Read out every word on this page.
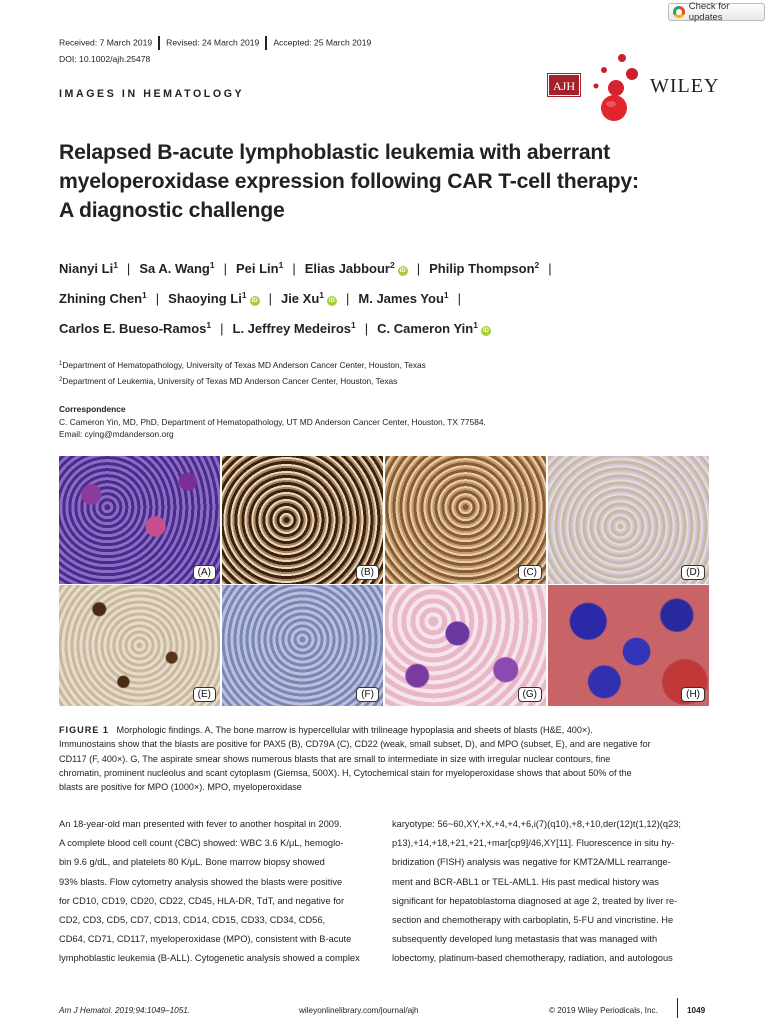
Check for updates
Received: 7 March 2019 Revised: 24 March 2019 Accepted: 25 March 2019
DOI: 10.1002/ajh.25478
IMAGES IN HEMATOLOGY
AJH	WILEY
Relapsed B-acute lymphoblastic leukemia with aberrant
myeloperoxidase expression following CAR T-cell therapy:
A diagnostic challenge
Nianyi Li$^1$ | Sa A. Wang$^1$ | Pei Lin$^1$ | Elias Jabbour$^2$iD | Philip Thompson$^2$ |
Zhining Chen$^1$ | Shaoying Li$^1$iD | Jie Xu$^1$iD | M. James You$^1$ |
Carlos E. Bueso-Ramos$^1$ | L. Jeffrey Medeiros$^1$ | C. Cameron Yin$^1$iD
$^1$Department of Hematopathology, University of Texas MD Anderson Cancer Center, Houston, Texas
$^2$Department of Leukemia, University of Texas MD Anderson Cancer Center, Houston, Texas
Correspondence
C. Cameron Yin, MD, PhD, Department of Hematopathology, UT MD Anderson Cancer Center, Houston, TX 77584.
Email: cying@mdanderson.org
(A)	(B)	(C)	(D)
(E)	(F)	(G)	(H)
FIGURE 1 Morphologic findings. A, The bone marrow is hypercellular with trilineage hypoplasia and sheets of blasts (H&E, 400×).
Immunostains show that the blasts are positive for PAX5 (B), CD79A (C), CD22 (weak, small subset, D), and MPO (subset, E), and are negative for
CD117 (F, 400×). G, The aspirate smear shows numerous blasts that are small to intermediate in size with irregular nuclear contours, fine
chromatin, prominent nucleolus and scant cytoplasm (Giemsa, 500X). H, Cytochemical stain for myeloperoxidase shows that about 50% of the
blasts are positive for MPO (1000×). MPO, myeloperoxidase
An 18-year-old man presented with fever to another hospital in 2009.
A complete blood cell count (CBC) showed: WBC 3.6 K/μL, hemoglo-
bin 9.6 g/dL, and platelets 80 K/μL. Bone marrow biopsy showed
93% blasts. Flow cytometry analysis showed the blasts were positive
for CD10, CD19, CD20, CD22, CD45, HLA-DR, TdT, and negative for
CD2, CD3, CD5, CD7, CD13, CD14, CD15, CD33, CD34, CD56,
CD64, CD71, CD117, myeloperoxidase (MPO), consistent with B-acute
lymphoblastic leukemia (B-ALL). Cytogenetic analysis showed a complex
karyotype: 56~60,XY,+X,+4,+4,+6,i(7)(q10),+8,+10,der(12)t(1,12)(q23;
p13),+14,+18,+21,+21,+mar[cp9]/46,XY[11]. Fluorescence in situ hy-
bridization (FISH) analysis was negative for KMT2A/MLL rearrange-
ment and BCR-ABL1 or TEL-AML1. His past medical history was
significant for hepatoblastoma diagnosed at age 2, treated by liver re-
section and chemotherapy with carboplatin, 5-FU and vincristine. He
subsequently developed lung metastasis that was managed with
lobectomy, platinum-based chemotherapy, radiation, and autologous
Am J Hematol. 2019;94:1049–1051.	wileyonlinelibrary.com/journal/ajh	© 2019 Wiley Periodicals, Inc.	1049
